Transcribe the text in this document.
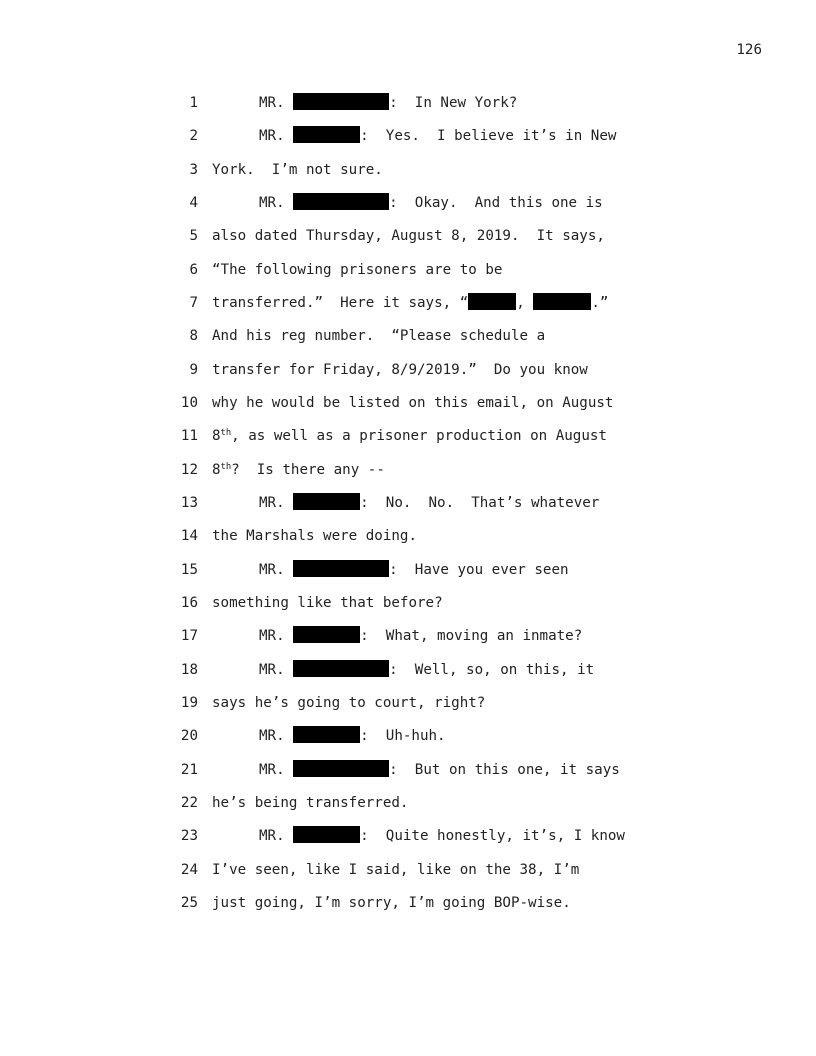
126
1	MR.	:  In New York?
2	MR.	:  Yes.  I believe it’s in New
3 York.  I’m not sure.
4	MR.	:  Okay.  And this one is
5 also dated Thursday, August 8, 2019.  It says,
6 “The following prisoners are to be
7 transferred.”  Here it says, “	,	.”
8 And his reg number.  “Please schedule a
9 transfer for Friday, 8/9/2019.”  Do you know
10 why he would be listed on this email, on August
11 8th, as well as a prisoner production on August
12 8th?  Is there any --
13	MR.	:  No.  No.  That’s whatever
14 the Marshals were doing.
15	MR.	:  Have you ever seen
16 something like that before?
17	MR.	:  What, moving an inmate?
18	MR.	:  Well, so, on this, it
19 says he’s going to court, right?
20	MR.	:  Uh-huh.
21	MR.	:  But on this one, it says
22 he’s being transferred.
23	MR.	:  Quite honestly, it’s, I know
24 I’ve seen, like I said, like on the 38, I’m
25 just going, I’m sorry, I’m going BOP-wise.
